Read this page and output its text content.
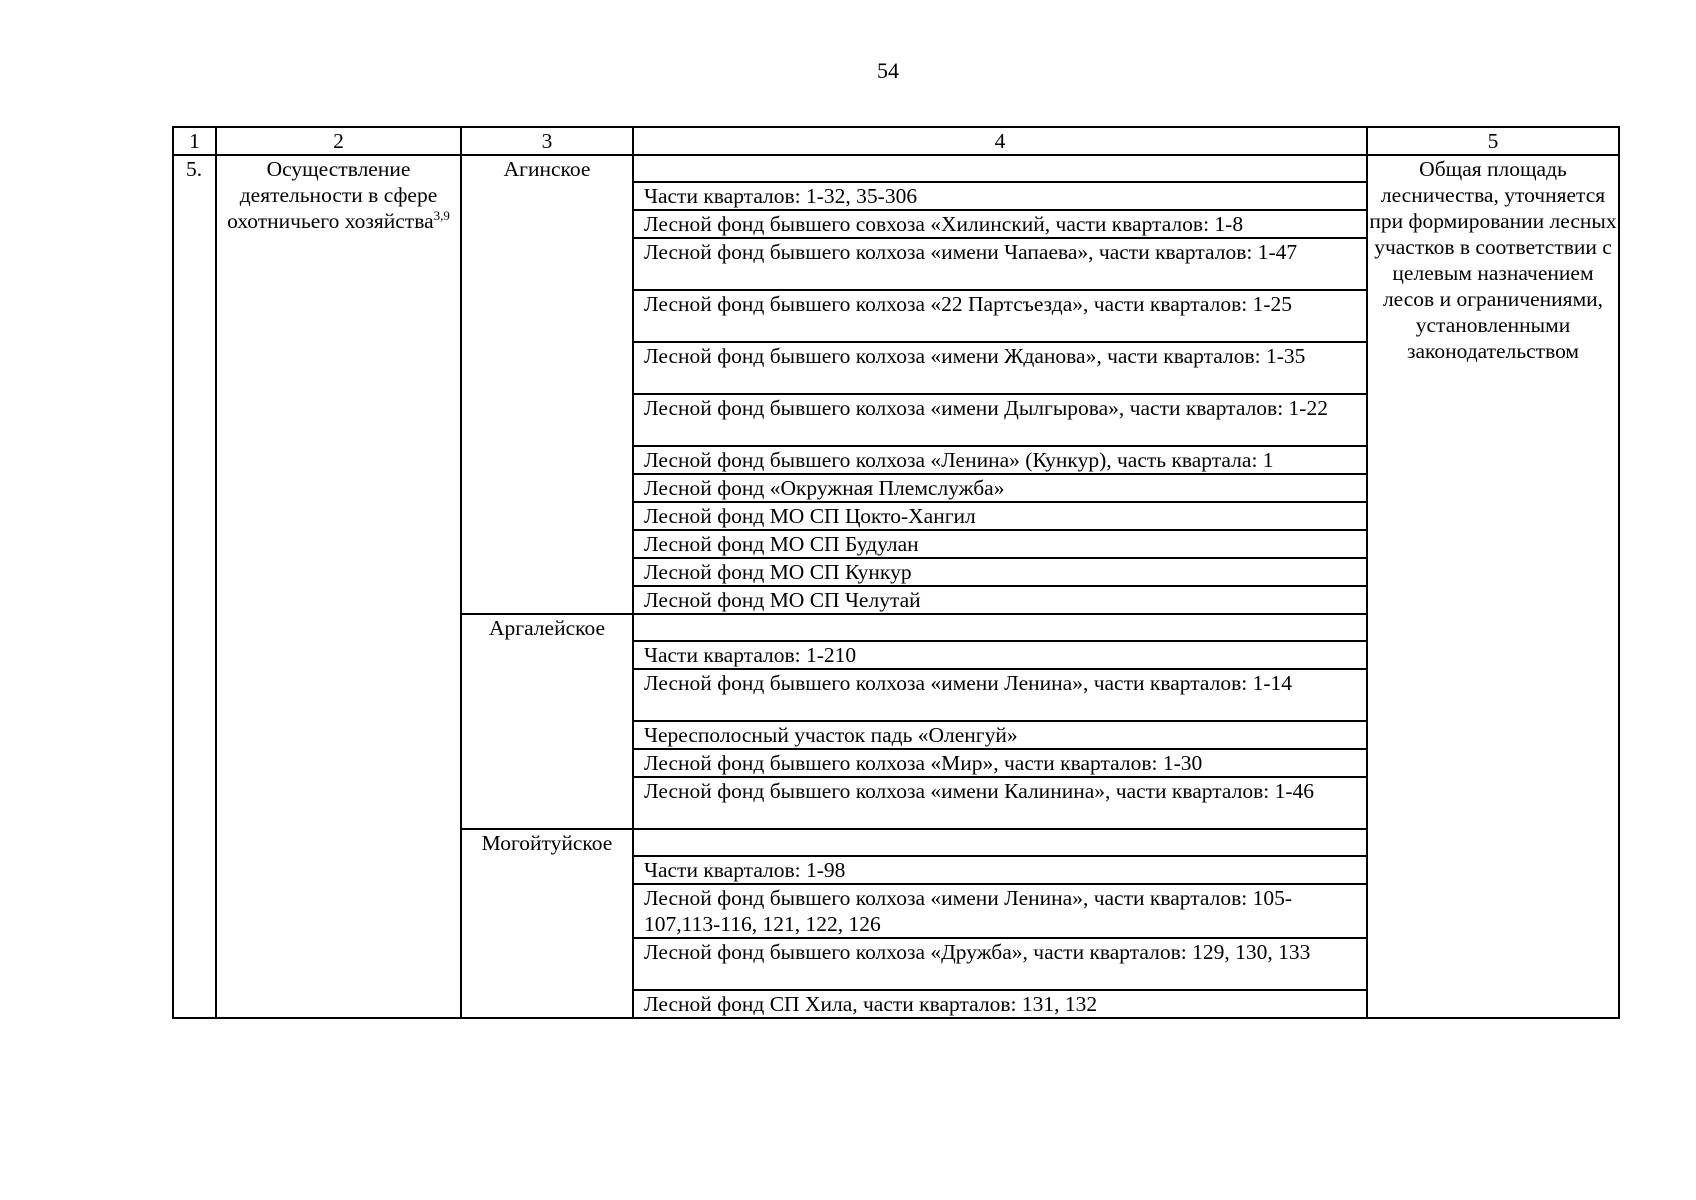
54
1	2	3	4	5
5.	Осуществление деятельности в сфере охотничьего хозяйства$^{3,9}$	Агинское		Общая площадь лесничества, уточняется при формировании лесных участков в соответствии с целевым назначением лесов и ограничениями, установленными законодательством
			Части кварталов: 1-32, 35-306	
			Лесной фонд бывшего совхоза «Хилинский, части кварталов: 1-8	
			Лесной фонд бывшего колхоза «имени Чапаева», части кварталов: 1-47	
			Лесной фонд бывшего колхоза «22 Партсъезда», части кварталов: 1-25	
			Лесной фонд бывшего колхоза «имени Жданова», части кварталов: 1-35	
			Лесной фонд бывшего колхоза «имени Дылгырова», части кварталов: 1-22	
			Лесной фонд бывшего колхоза «Ленина» (Кункур), часть квартала: 1	
			Лесной фонд «Окружная Племслужба»	
			Лесной фонд МО СП Цокто-Хангил	
			Лесной фонд МО СП Будулан	
			Лесной фонд МО СП Кункур	
			Лесной фонд МО СП Челутай	
		Аргалейское		
			Части кварталов: 1-210	
			Лесной фонд бывшего колхоза «имени Ленина», части кварталов: 1-14	
			Чересполосный участок падь «Оленгуй»	
			Лесной фонд бывшего колхоза «Мир», части кварталов: 1-30	
			Лесной фонд бывшего колхоза «имени Калинина», части кварталов: 1-46	
		Могойтуйское		
			Части кварталов: 1-98	
			Лесной фонд бывшего колхоза «имени Ленина», части кварталов: 105-107,113-116, 121, 122, 126	
			Лесной фонд бывшего колхоза «Дружба», части кварталов: 129, 130, 133	
			Лесной фонд СП Хила, части кварталов: 131, 132	
